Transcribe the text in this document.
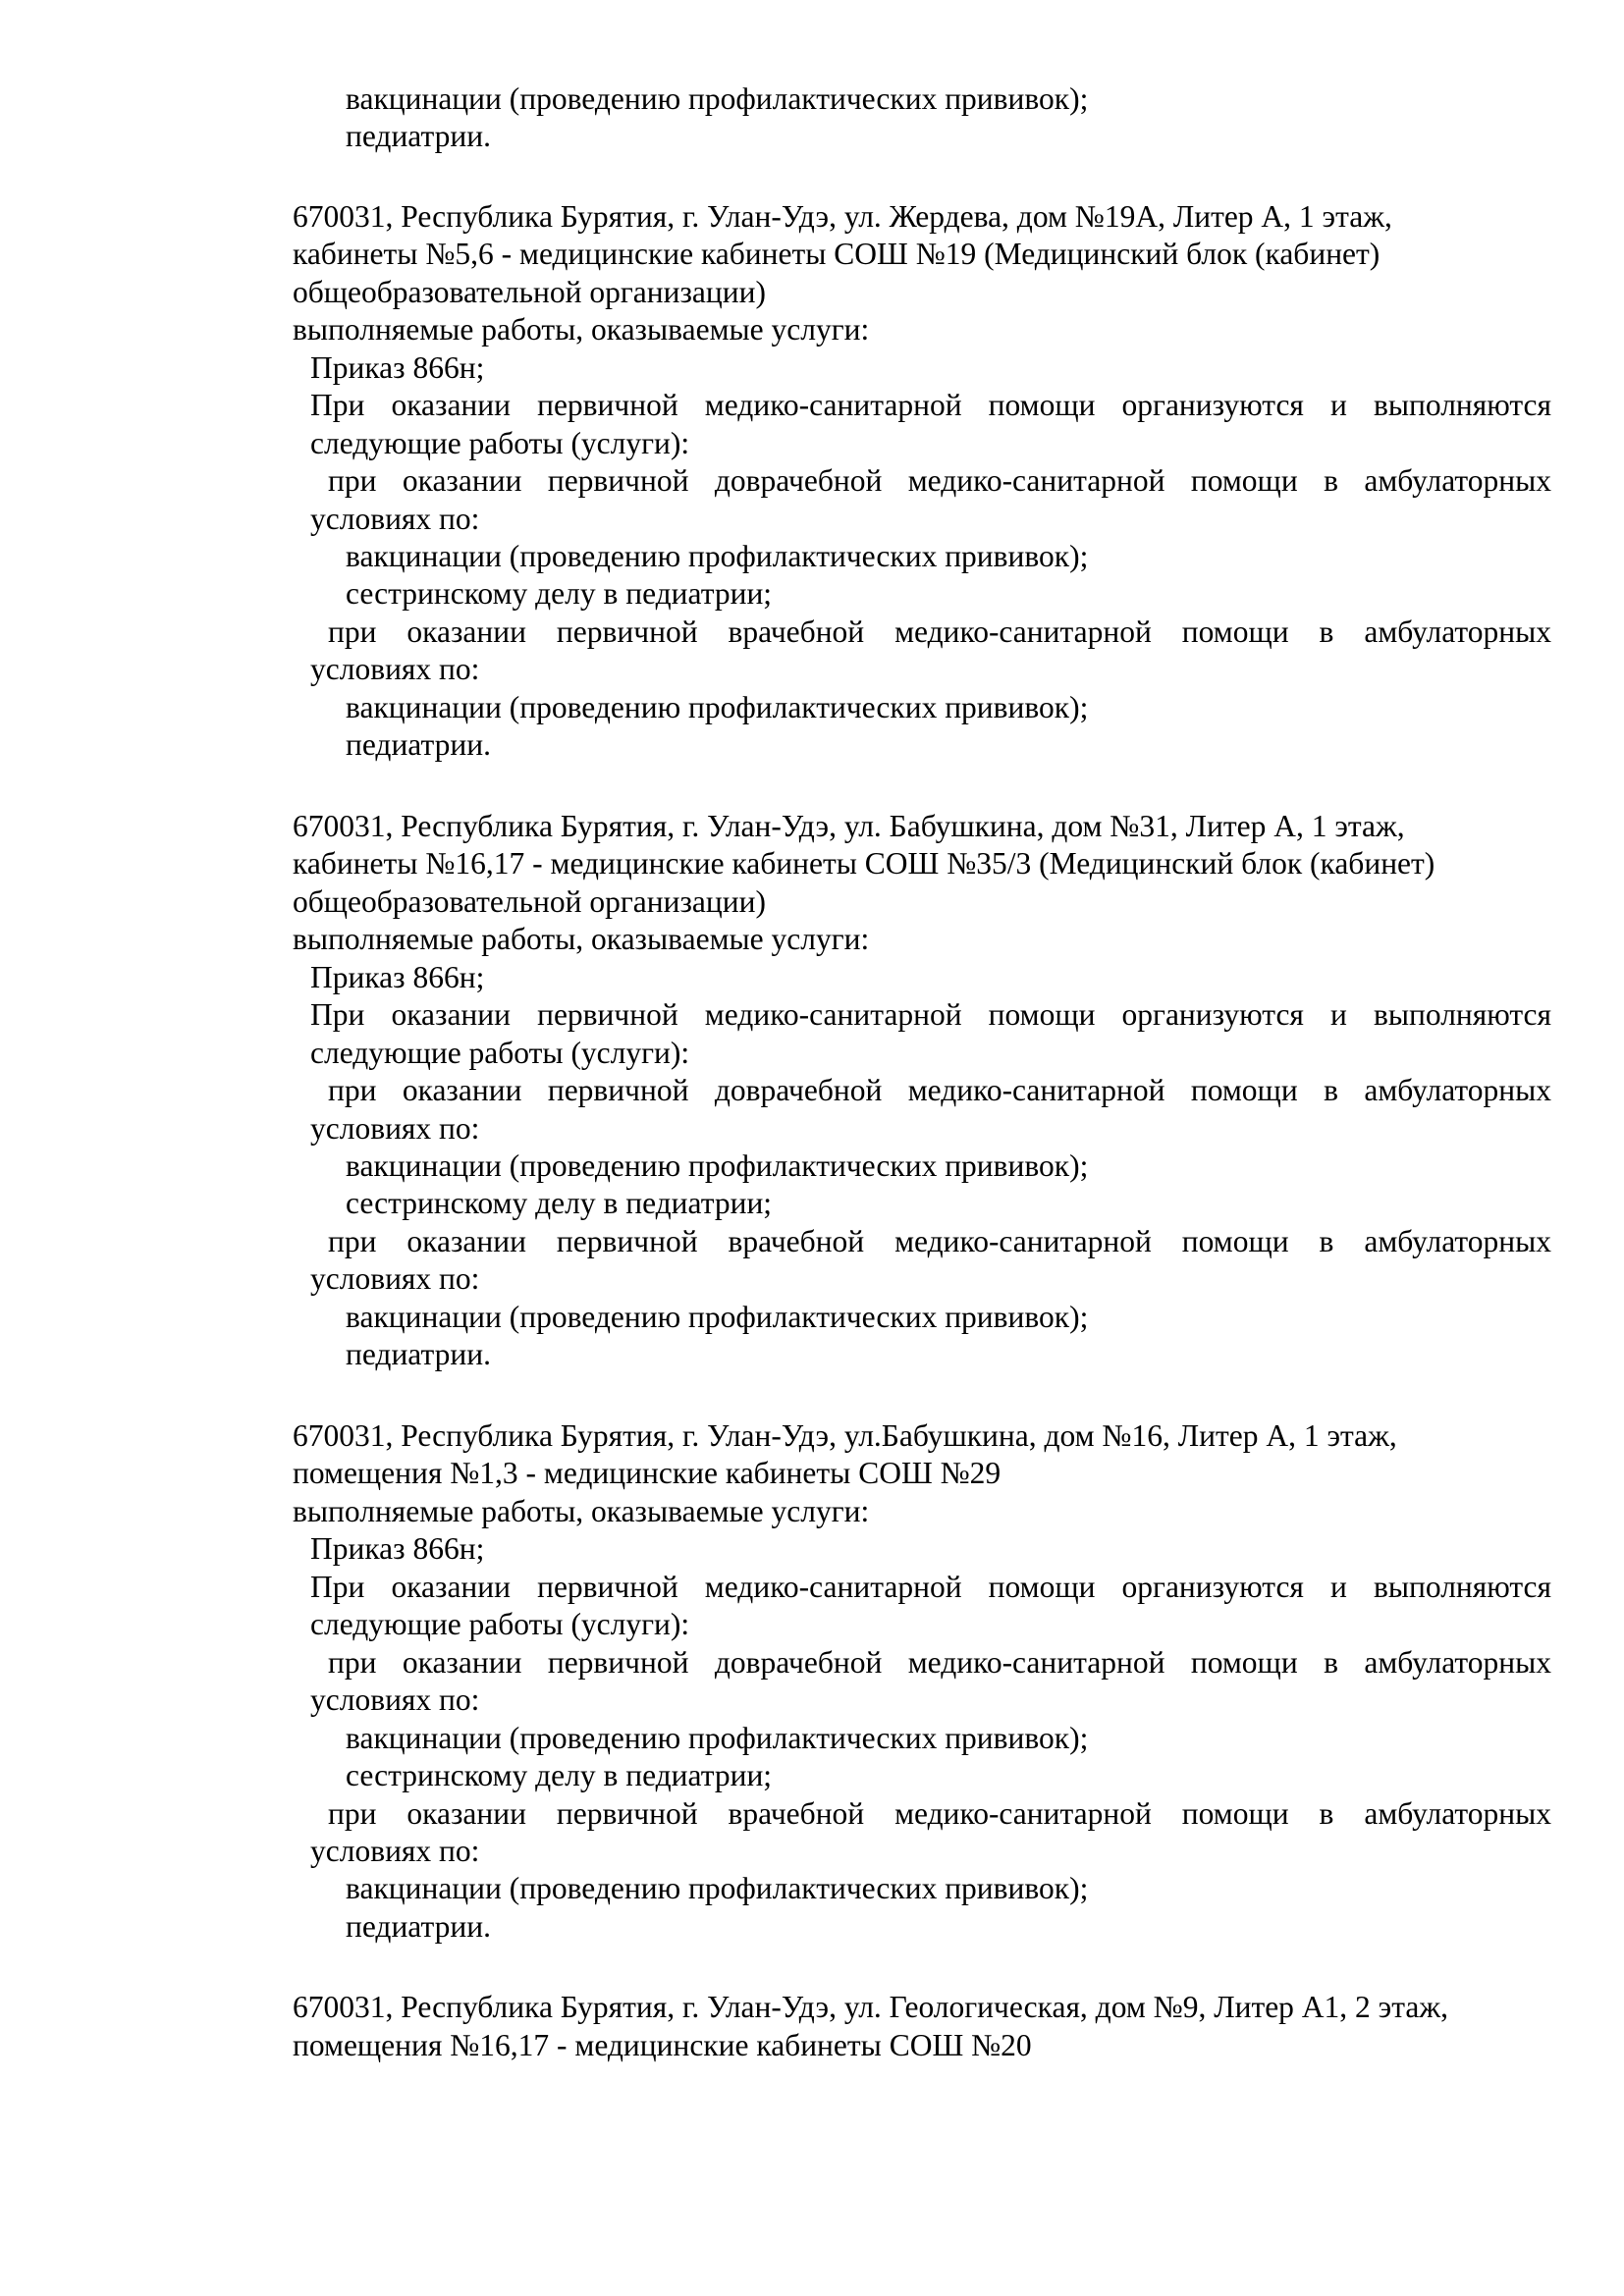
вакцинации (проведению профилактических прививок);
педиатрии.
670031, Республика Бурятия, г. Улан-Удэ, ул. Жердева, дом №19А, Литер А, 1 этаж,
кабинеты №5,6 - медицинские кабинеты СОШ №19 (Медицинский блок (кабинет)
общеобразовательной организации)
выполняемые работы, оказываемые услуги:
Приказ 866н;
При оказании первичной медико-санитарной помощи организуются и выполняются
следующие работы (услуги):
при оказании первичной доврачебной медико-санитарной помощи в амбулаторных
условиях по:
вакцинации (проведению профилактических прививок);
сестринскому делу в педиатрии;
при оказании первичной врачебной медико-санитарной помощи в амбулаторных
условиях по:
вакцинации (проведению профилактических прививок);
педиатрии.
670031, Республика Бурятия, г. Улан-Удэ, ул. Бабушкина, дом №31, Литер А, 1 этаж,
кабинеты №16,17 - медицинские кабинеты СОШ №35/3 (Медицинский блок (кабинет)
общеобразовательной организации)
выполняемые работы, оказываемые услуги:
Приказ 866н;
При оказании первичной медико-санитарной помощи организуются и выполняются
следующие работы (услуги):
при оказании первичной доврачебной медико-санитарной помощи в амбулаторных
условиях по:
вакцинации (проведению профилактических прививок);
сестринскому делу в педиатрии;
при оказании первичной врачебной медико-санитарной помощи в амбулаторных
условиях по:
вакцинации (проведению профилактических прививок);
педиатрии.
670031, Республика Бурятия, г. Улан-Удэ, ул.Бабушкина, дом №16, Литер А, 1 этаж,
помещения №1,3 - медицинские кабинеты СОШ №29
выполняемые работы, оказываемые услуги:
Приказ 866н;
При оказании первичной медико-санитарной помощи организуются и выполняются
следующие работы (услуги):
при оказании первичной доврачебной медико-санитарной помощи в амбулаторных
условиях по:
вакцинации (проведению профилактических прививок);
сестринскому делу в педиатрии;
при оказании первичной врачебной медико-санитарной помощи в амбулаторных
условиях по:
вакцинации (проведению профилактических прививок);
педиатрии.
670031, Республика Бурятия, г. Улан-Удэ, ул. Геологическая, дом №9, Литер А1, 2 этаж,
помещения №16,17 - медицинские кабинеты СОШ №20
